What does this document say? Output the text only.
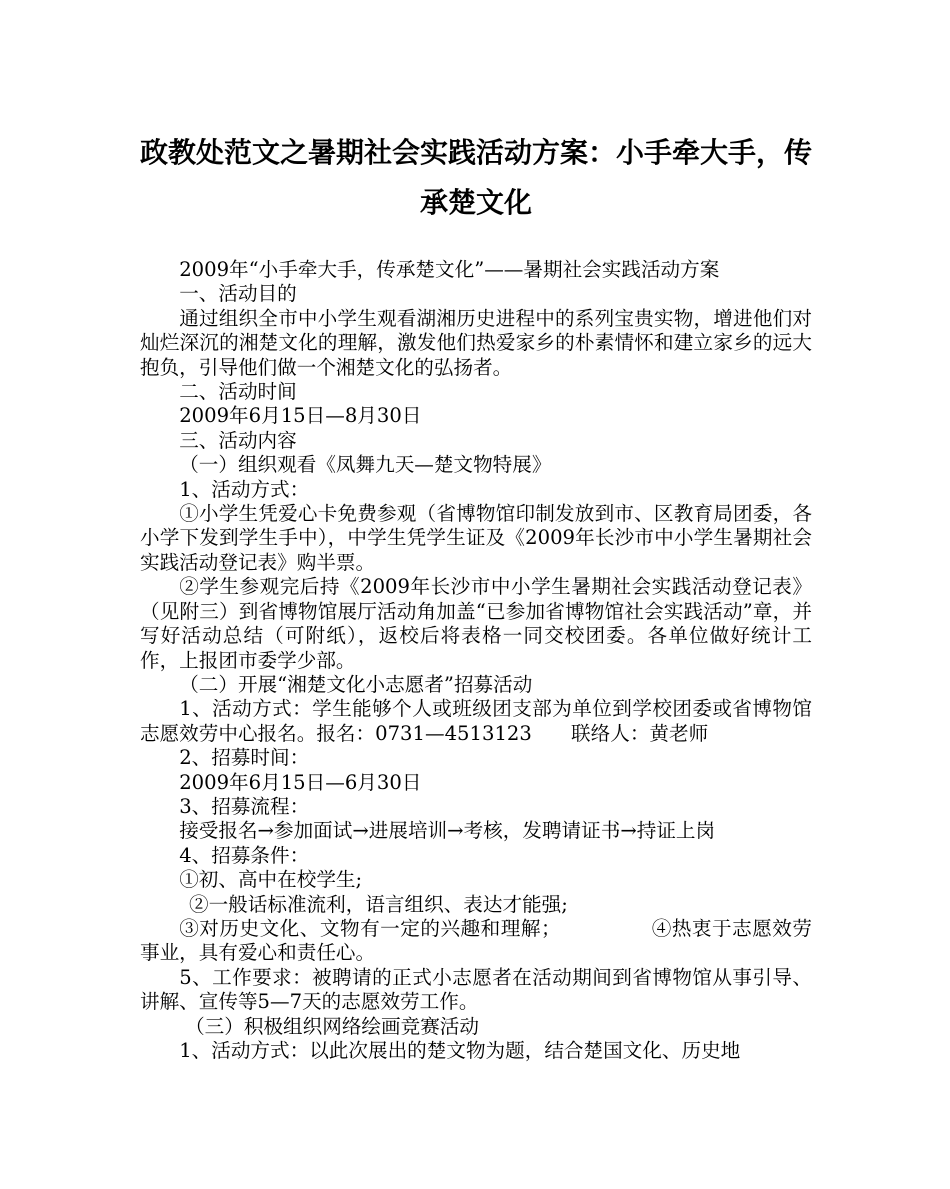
政教处范文之暑期社会实践活动方案：小手牵大手，传承楚文化

2009年“小手牵大手，传承楚文化”——暑期社会实践活动方案

一、活动目的

通过组织全市中小学生观看湖湘历史进程中的系列宝贵实物，增进他们对灿烂深沉的湘楚文化的理解，激发他们热爱家乡的朴素情怀和建立家乡的远大抱负，引导他们做一个湘楚文化的弘扬者。

二、活动时间

2009年6月15日—8月30日

三、活动内容

（一）组织观看《凤舞九天—楚文物特展》

1、活动方式：

①小学生凭爱心卡免费参观（省博物馆印制发放到市、区教育局团委，各小学下发到学生手中），中学生凭学生证及《2009年长沙市中小学生暑期社会实践活动登记表》购半票。

②学生参观完后持《2009年长沙市中小学生暑期社会实践活动登记表》（见附三）到省博物馆展厅活动角加盖“已参加省博物馆社会实践活动”章，并写好活动总结（可附纸），返校后将表格一同交校团委。各单位做好统计工作，上报团市委学少部。

（二）开展“湘楚文化小志愿者”招募活动

1、活动方式：学生能够个人或班级团支部为单位到学校团委或省博物馆志愿效劳中心报名。报名：0731—4513123　　联络人：黄老师

2、招募时间：

2009年6月15日—6月30日

3、招募流程：

接受报名→参加面试→进展培训→考核，发聘请证书→持证上岗

4、招募条件：

①初、高中在校学生;

②一般话标准流利，语言组织、表达才能强;

③对历史文化、文物有一定的兴趣和理解；　　　　　④热衷于志愿效劳事业，具有爱心和责任心。

5、工作要求：被聘请的正式小志愿者在活动期间到省博物馆从事引导、讲解、宣传等5—7天的志愿效劳工作。

（三）积极组织网络绘画竞赛活动

1、活动方式：以此次展出的楚文物为题，结合楚国文化、历史地
